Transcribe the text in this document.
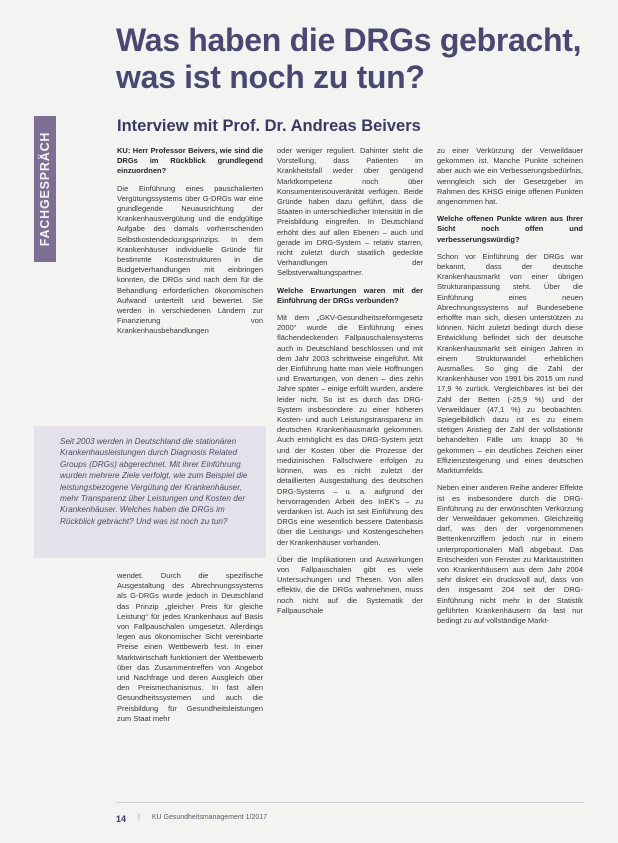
FACHGESPRÄCH
Was haben die DRGs gebracht, was ist noch zu tun?
Interview mit Prof. Dr. Andreas Beivers

KU: Herr Professor Beivers, wie sind die DRGs im Rückblick grundlegend einzuordnen?

Die Einführung eines pauschalierten Vergütungssystems über G-DRGs war eine grundlegende Neuausrichtung der Krankenhausvergütung und die endgültige Aufgabe des damals vorherrschenden Selbstkostendeckungsprinzips. In dem Krankenhäuser individuelle Gründe für bestimmte Kostenstrukturen in die Budgetverhandlungen mit einbringen konnten, die DRGs sind nach dem für die Behandlung erforderlichen ökonomischen Aufwand unterteilt und bewertet. Sie werden in verschiedenen Ländern zur Finanzierung von Krankenhausbehandlungen

Seit 2003 werden in Deutschland die stationären Krankenhausleistungen durch Diagnosis Related Groups (DRGs) abgerechnet. Mit ihrer Einführung wurden mehrere Ziele verfolgt, wie zum Beispiel die leistungsbezogene Vergütung der Krankenhäuser, mehr Transparenz über Leistungen und Kosten der Krankenhäuser. Welches haben die DRGs im Rückblick gebracht? Und was ist noch zu tun?

wendet. Durch die spezifische Ausgestaltung des Abrechnungssystems als G-DRGs wurde jedoch in Deutschland das Prinzip „gleicher Preis für gleiche Leistung“ für jedes Krankenhaus auf Basis von Fallpauschalen umgesetzt. Allerdings legen aus ökonomischer Sicht vereinbarte Preise einen Wettbewerb fest. In einer Marktwirtschaft funktioniert der Wettbewerb über das Zusammentreffen von Angebot und Nachfrage und deren Ausgleich über den Preismechanismus. In fast allen Gesundheitssystemen und auch die Preisbildung für Gesundheitsleistungen zum Staat mehr

oder weniger reguliert. Dahinter steht die Vorstellung, dass Patienten im Krankheitsfall weder über genügend Marktkompetenz noch über Konsumentensouveränität verfügen. Beide Gründe haben dazu geführt, dass die Staaten in unterschiedlicher Intensität in die Preisbildung eingreifen. In Deutschland erhöht dies auf allen Ebenen – auch und gerade im DRG-System – relativ starren, nicht zuletzt durch staatlich gedeckte Verhandlungen der Selbstverwaltungspartner.

Welche Erwartungen waren mit der Einführung der DRGs verbunden?

Mit dem „GKV-Gesundheitsreformgesetz 2000“ wurde die Einführung eines flächendeckenden Fallpauschalensystems auch in Deutschland beschlossen und mit dem Jahr 2003 schrittweise eingeführt. Mit der Einführung hatte man viele Hoffnungen und Erwartungen, von denen – dies zehn Jahre später – einige erfüllt wurden, andere leider nicht. So ist es durch das DRG-System insbesondere zu einer höheren Kosten- und auch Leistungstransparenz im deutschen Krankenhausmarkt gekommen. Auch ermöglicht es das DRG-System jetzt und der Kosten über die Prozesse der medizinischen Fallschwere erfolgen zu können, was es nicht zuletzt der detaillierten Ausgestaltung des deutschen DRG-Systems – u. a. aufgrund der hervorragenden Arbeit des InEK’s – zu verdanken ist. Auch ist seit Einführung des DRGs eine wesentlich bessere Datenbasis über die Leistungs- und Kostengeschehen der Krankenhäuser vorhanden.

Über die Implikationen und Auswirkungen von Fallpauschalen gibt es viele Untersuchungen und Thesen. Von allen effektiv, die die DRGs wahrnehmen, muss noch nicht auf die Systematik der Fallpauschale

zu einer Verkürzung der Verweildauer gekommen ist. Manche Punkte scheinen aber auch wie ein Verbesserungsbedürfnis, wenngleich sich der Gesetzgeber im Rahmen des KHSG einige offenen Punkten angenommen hat.

Welche offenen Punkte wären aus Ihrer Sicht noch offen und verbesserungswürdig?

Schon vor Einführung der DRGs war bekannt, dass der deutsche Krankenhausmarkt von einer übrigen Strukturanpassung steht. Über die Einführung eines neuen Abrechnungssystems auf Bundesebene erhoffte man sich, diesen unterstützen zu können. Nicht zuletzt bedingt durch diese Entwicklung befindet sich der deutsche Krankenhausmarkt seit einigen Jahren in einem Strukturwandel erheblichen Ausmaßes. So ging die Zahl der Krankenhäuser von 1991 bis 2015 um rund 17,9 % zurück. Vergleichbares ist bei der Zahl der Betten (-25,9 %) und der Verweildauer (47,1 %) zu beobachten. Spiegelbildlich dazu ist es zu einem stetigen Anstieg der Zahl der vollstationär behandelten Fälle um knapp 30 % gekommen – ein deutliches Zeichen einer Effizienzsteigerung und eines deutschen Marktumfelds.

Neben einer anderen Reihe anderer Effekte ist es insbesondere durch die DRG-Einführung zu der erwünschten Verkürzung der Verweildauer gekommen. Gleichzeitig darf, was den der vorgenommenen Bettenkennziffern jedoch nur in einem unterproportionalen Maß abgebaut. Das Entscheiden von Fenster zu Marktaustritten von Krankenhäusern aus dem Jahr 2004 sehr diskret ein drucksvoll auf, dass von den insgesamt 204 seit der DRG-Einführung nicht mehr in der Statistik geführten Krankenhäusern da fast nur bedingt zu auf vollständige Markt-

14 | KU Gesundheitsmanagement 1/2017
